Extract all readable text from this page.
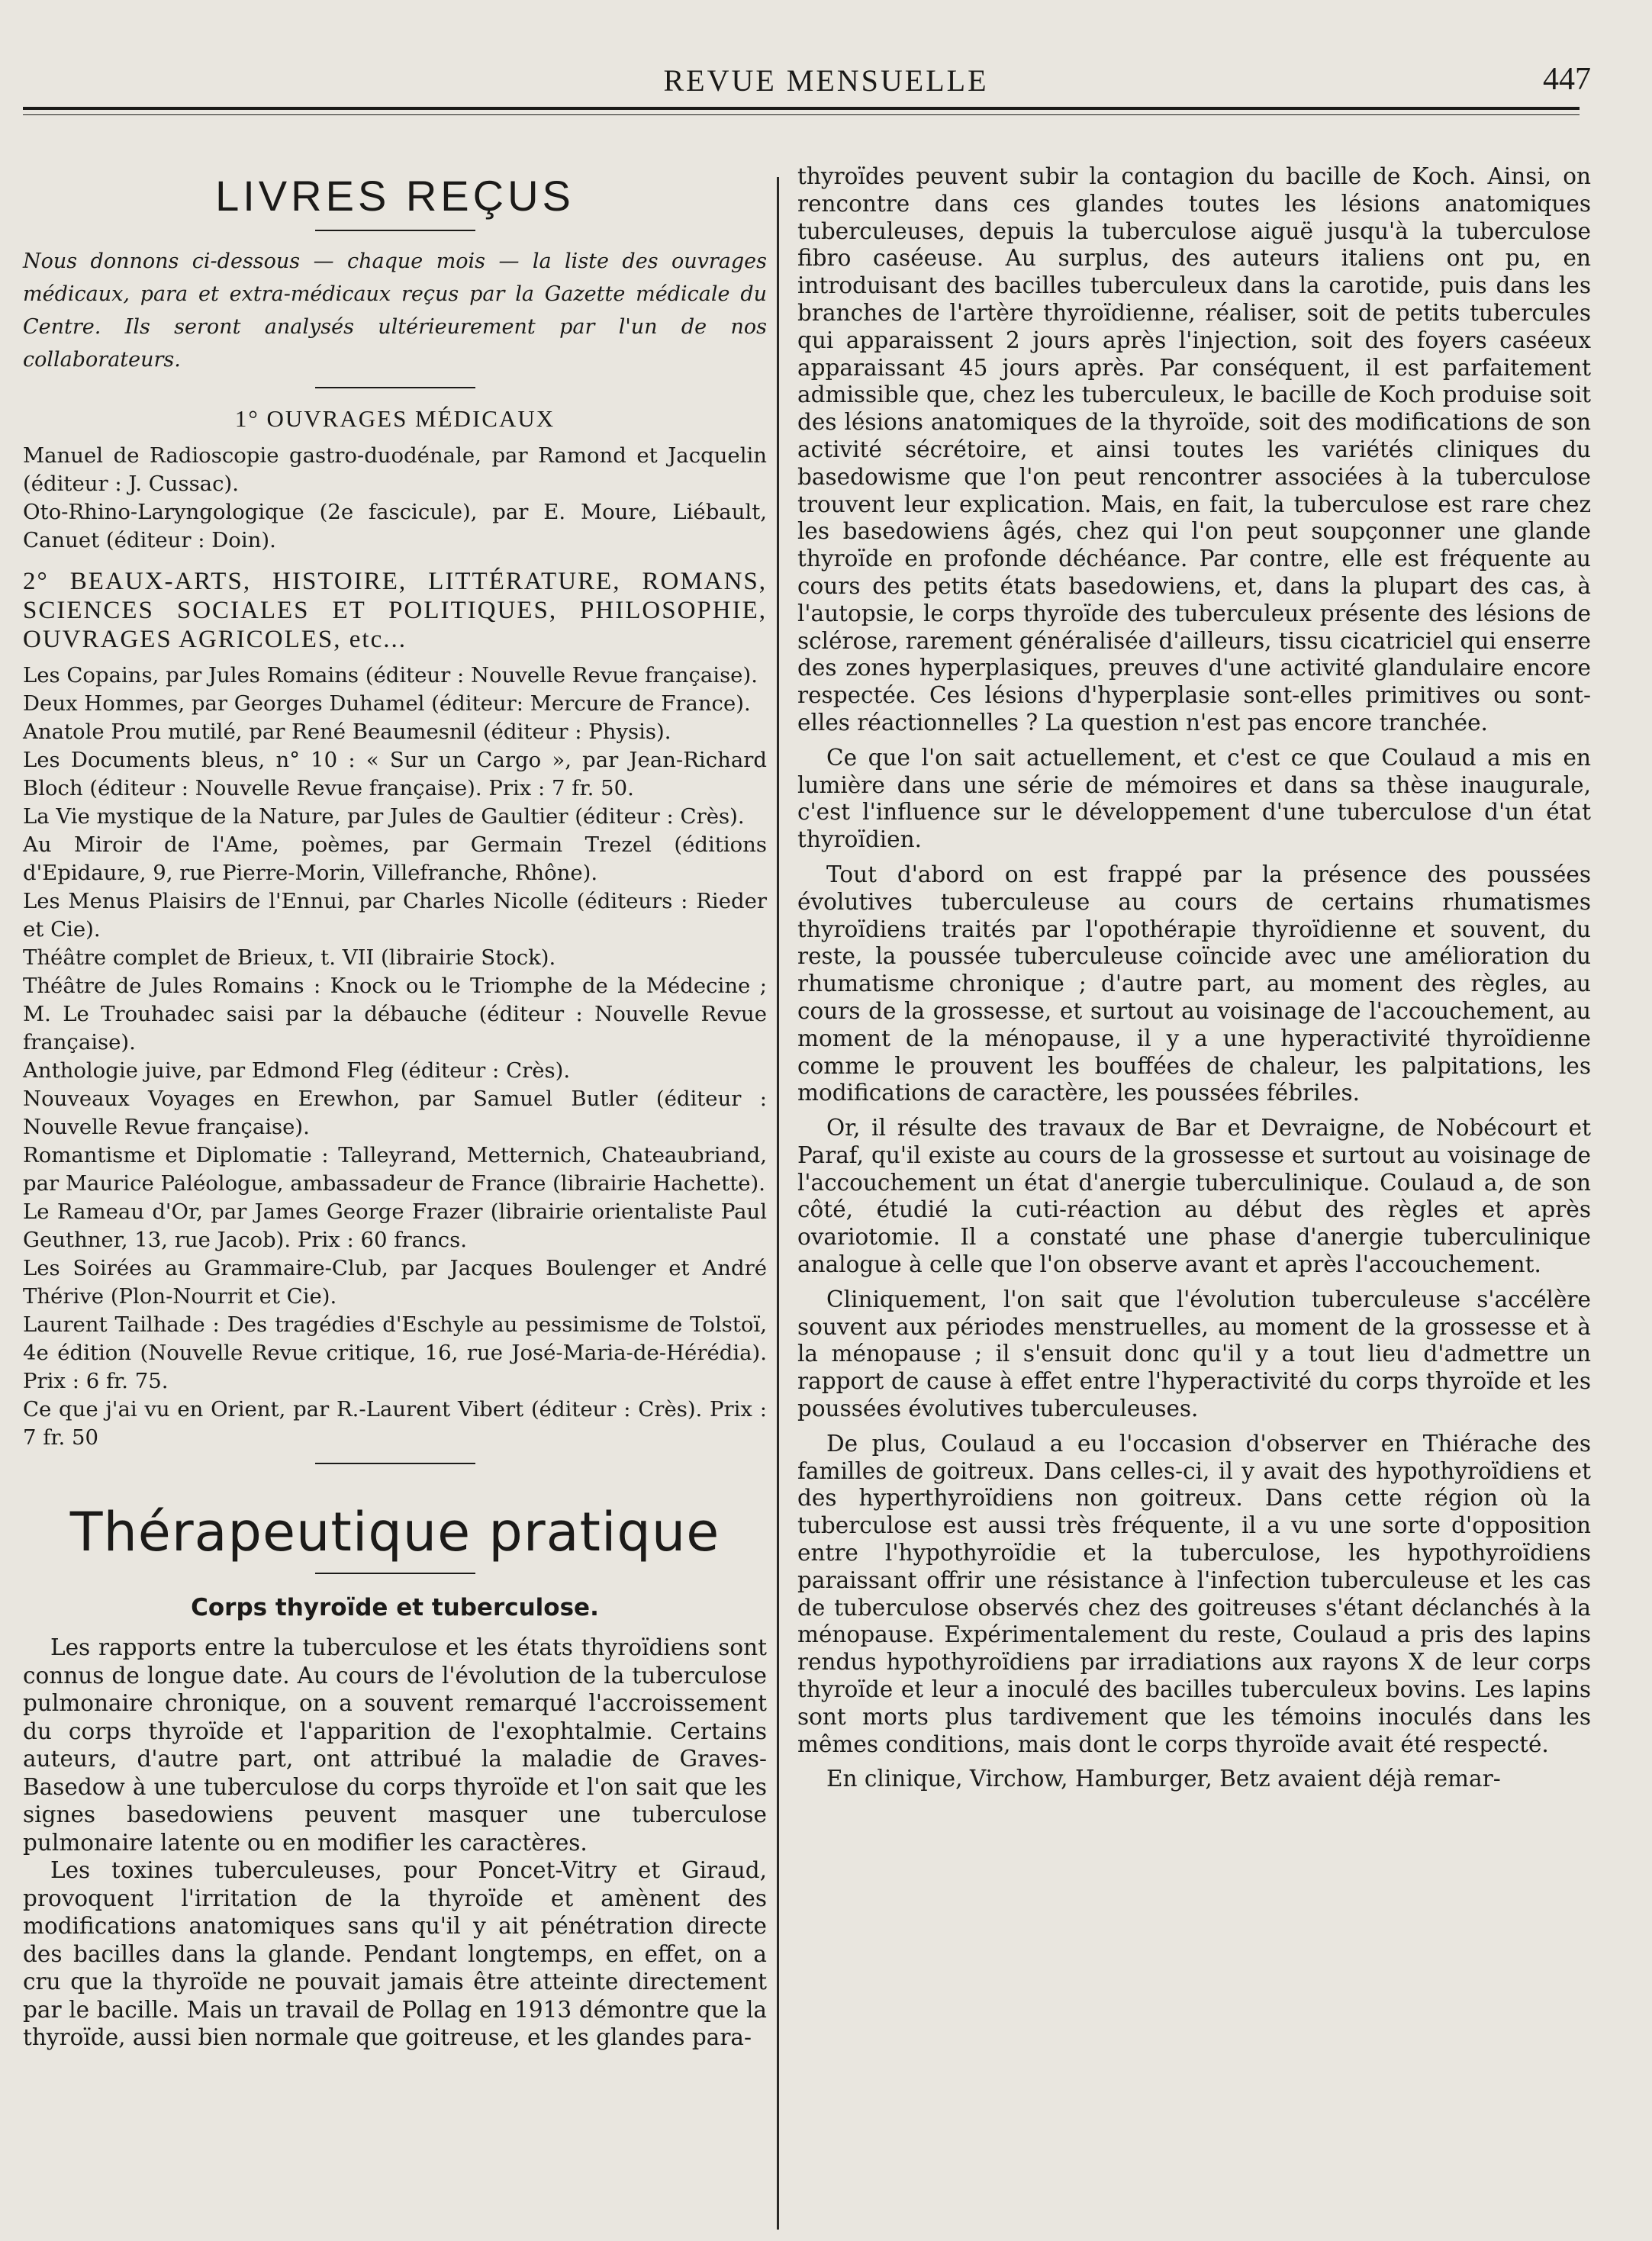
REVUE MENSUELLE	447
LIVRES REÇUS
Nous donnons ci-dessous — chaque mois — la liste des ouvrages médicaux, para et extra-médicaux reçus par la Gazette médicale du Centre. Ils seront analysés ultérieurement par l'un de nos collaborateurs.
1° OUVRAGES MÉDICAUX

Manuel de Radioscopie gastro-duodénale, par Ramond et Jacquelin (éditeur : J. Cussac).

Oto-Rhino-Laryngologique (2e fascicule), par E. Moure, Liébault, Canuet (éditeur : Doin).

2° BEAUX-ARTS, HISTOIRE, LITTÉRATURE, ROMANS, SCIENCES SOCIALES ET POLITIQUES, PHILOSOPHIE, OUVRAGES AGRICOLES, etc...

Les Copains, par Jules Romains (éditeur : Nouvelle Revue française).

Deux Hommes, par Georges Duhamel (éditeur: Mercure de France).

Anatole Prou mutilé, par René Beaumesnil (éditeur : Physis).

Les Documents bleus, n° 10 : « Sur un Cargo », par Jean-Richard Bloch (éditeur : Nouvelle Revue française). Prix : 7 fr. 50.

La Vie mystique de la Nature, par Jules de Gaultier (éditeur : Crès).

Au Miroir de l'Ame, poèmes, par Germain Trezel (éditions d'Epidaure, 9, rue Pierre-Morin, Villefranche, Rhône).

Les Menus Plaisirs de l'Ennui, par Charles Nicolle (éditeurs : Rieder et Cie).

Théâtre complet de Brieux, t. VII (librairie Stock).

Théâtre de Jules Romains : Knock ou le Triomphe de la Médecine ; M. Le Trouhadec saisi par la débauche (éditeur : Nouvelle Revue française).

Anthologie juive, par Edmond Fleg (éditeur : Crès).

Nouveaux Voyages en Erewhon, par Samuel Butler (éditeur : Nouvelle Revue française).

Romantisme et Diplomatie : Talleyrand, Metternich, Chateaubriand, par Maurice Paléologue, ambassadeur de France (librairie Hachette).

Le Rameau d'Or, par James George Frazer (librairie orientaliste Paul Geuthner, 13, rue Jacob). Prix : 60 francs.

Les Soirées au Grammaire-Club, par Jacques Boulenger et André Thérive (Plon-Nourrit et Cie).

Laurent Tailhade : Des tragédies d'Eschyle au pessimisme de Tolstoï, 4e édition (Nouvelle Revue critique, 16, rue José-Maria-de-Hérédia). Prix : 6 fr. 75.

Ce que j'ai vu en Orient, par R.-Laurent Vibert (éditeur : Crès). Prix : 7 fr. 50

Thérapeutique pratique
Corps thyroïde et tuberculose.

Les rapports entre la tuberculose et les états thyroïdiens sont connus de longue date. Au cours de l'évolution de la tuberculose pulmonaire chronique, on a souvent remarqué l'accroissement du corps thyroïde et l'apparition de l'exophtalmie. Certains auteurs, d'autre part, ont attribué la maladie de Graves-Basedow à une tuberculose du corps thyroïde et l'on sait que les signes basedowiens peuvent masquer une tuberculose pulmonaire latente ou en modifier les caractères.

Les toxines tuberculeuses, pour Poncet-Vitry et Giraud, provoquent l'irritation de la thyroïde et amènent des modifications anatomiques sans qu'il y ait pénétration directe des bacilles dans la glande. Pendant longtemps, en effet, on a cru que la thyroïde ne pouvait jamais être atteinte directement par le bacille. Mais un travail de Pollag en 1913 démontre que la thyroïde, aussi bien normale que goitreuse, et les glandes para-

thyroïdes peuvent subir la contagion du bacille de Koch. Ainsi, on rencontre dans ces glandes toutes les lésions anatomiques tuberculeuses, depuis la tuberculose aiguë jusqu'à la tuberculose fibro caséeuse. Au surplus, des auteurs italiens ont pu, en introduisant des bacilles tuberculeux dans la carotide, puis dans les branches de l'artère thyroïdienne, réaliser, soit de petits tubercules qui apparaissent 2 jours après l'injection, soit des foyers caséeux apparaissant 45 jours après. Par conséquent, il est parfaitement admissible que, chez les tuberculeux, le bacille de Koch produise soit des lésions anatomiques de la thyroïde, soit des modifications de son activité sécrétoire, et ainsi toutes les variétés cliniques du basedowisme que l'on peut rencontrer associées à la tuberculose trouvent leur explication. Mais, en fait, la tuberculose est rare chez les basedowiens âgés, chez qui l'on peut soupçonner une glande thyroïde en profonde déchéance. Par contre, elle est fréquente au cours des petits états basedowiens, et, dans la plupart des cas, à l'autopsie, le corps thyroïde des tuberculeux présente des lésions de sclérose, rarement généralisée d'ailleurs, tissu cicatriciel qui enserre des zones hyperplasiques, preuves d'une activité glandulaire encore respectée. Ces lésions d'hyperplasie sont-elles primitives ou sont-elles réactionnelles ? La question n'est pas encore tranchée.

Ce que l'on sait actuellement, et c'est ce que Coulaud a mis en lumière dans une série de mémoires et dans sa thèse inaugurale, c'est l'influence sur le développement d'une tuberculose d'un état thyroïdien.

Tout d'abord on est frappé par la présence des poussées évolutives tuberculeuse au cours de certains rhumatismes thyroïdiens traités par l'opothérapie thyroïdienne et souvent, du reste, la poussée tuberculeuse coïncide avec une amélioration du rhumatisme chronique ; d'autre part, au moment des règles, au cours de la grossesse, et surtout au voisinage de l'accouchement, au moment de la ménopause, il y a une hyperactivité thyroïdienne comme le prouvent les bouffées de chaleur, les palpitations, les modifications de caractère, les poussées fébriles.

Or, il résulte des travaux de Bar et Devraigne, de Nobécourt et Paraf, qu'il existe au cours de la grossesse et surtout au voisinage de l'accouchement un état d'anergie tuberculinique. Coulaud a, de son côté, étudié la cuti-réaction au début des règles et après ovariotomie. Il a constaté une phase d'anergie tuberculinique analogue à celle que l'on observe avant et après l'accouchement.

Cliniquement, l'on sait que l'évolution tuberculeuse s'accélère souvent aux périodes menstruelles, au moment de la grossesse et à la ménopause ; il s'ensuit donc qu'il y a tout lieu d'admettre un rapport de cause à effet entre l'hyperactivité du corps thyroïde et les poussées évolutives tuberculeuses.

De plus, Coulaud a eu l'occasion d'observer en Thiérache des familles de goitreux. Dans celles-ci, il y avait des hypothyroïdiens et des hyperthyroïdiens non goitreux. Dans cette région où la tuberculose est aussi très fréquente, il a vu une sorte d'opposition entre l'hypothyroïdie et la tuberculose, les hypothyroïdiens paraissant offrir une résistance à l'infection tuberculeuse et les cas de tuberculose observés chez des goitreuses s'étant déclanchés à la ménopause. Expérimentalement du reste, Coulaud a pris des lapins rendus hypothyroïdiens par irradiations aux rayons X de leur corps thyroïde et leur a inoculé des bacilles tuberculeux bovins. Les lapins sont morts plus tardivement que les témoins inoculés dans les mêmes conditions, mais dont le corps thyroïde avait été respecté.

En clinique, Virchow, Hamburger, Betz avaient déjà remar-
